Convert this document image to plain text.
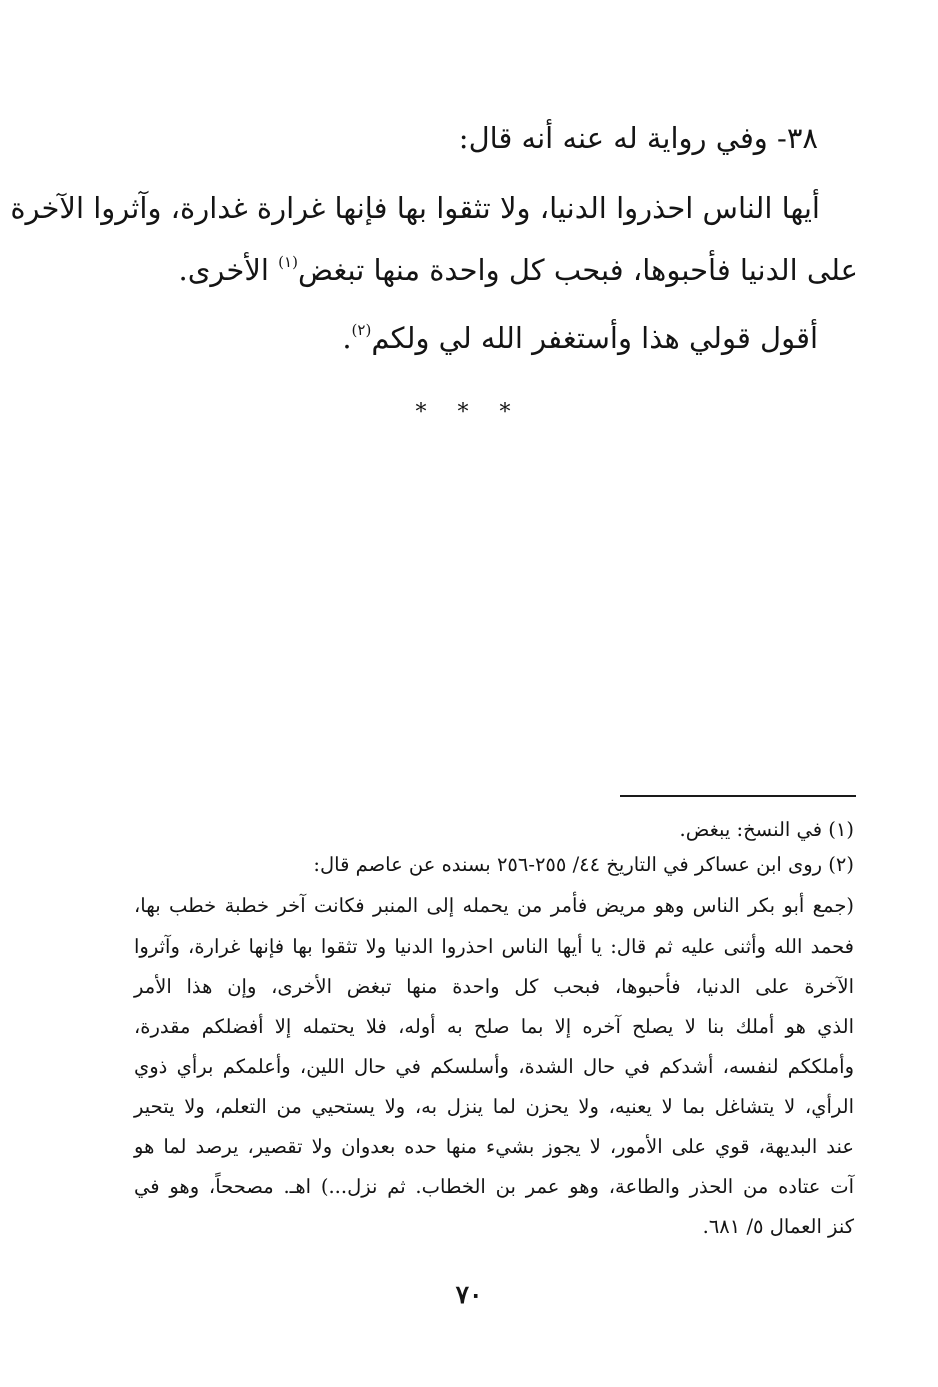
٣٨- وفي رواية له عنه أنه قال:
أيها الناس احذروا الدنيا، ولا تثقوا بها فإنها غرارة غدارة، وآثروا الآخرة
على الدنيا فأحبوها، فبحب كل واحدة منها تبغض$^{(١)}$ الأخرى.
أقول قولي هذا وأستغفر الله لي ولكم$^{(٢)}$.
* * *
(١) في النسخ: يبغض.
(٢) روى ابن عساكر في التاريخ ٤٤/ ٢٥٥-٢٥٦ بسنده عن عاصم قال:
(جمع أبو بكر الناس وهو مريض فأمر من يحمله إلى المنبر فكانت آخر خطبة خطب بها،
فحمد الله وأثنى عليه ثم قال: يا أيها الناس احذروا الدنيا ولا تثقوا بها فإنها غرارة، وآثروا
الآخرة على الدنيا، فأحبوها، فبحب كل واحدة منها تبغض الأخرى، وإن هذا الأمر
الذي هو أملك بنا لا يصلح آخره إلا بما صلح به أوله، فلا يحتمله إلا أفضلكم مقدرة،
وأملككم لنفسه، أشدكم في حال الشدة، وأسلسكم في حال اللين، وأعلمكم برأي ذوي
الرأي، لا يتشاغل بما لا يعنيه، ولا يحزن لما ينزل به، ولا يستحيي من التعلم، ولا يتحير
عند البديهة، قوي على الأمور، لا يجوز بشيء منها حده بعدوان ولا تقصير، يرصد لما هو
آت عتاده من الحذر والطاعة، وهو عمر بن الخطاب. ثم نزل...) اهـ. مصححاً، وهو في
كنز العمال ٥/ ٦٨١.
٧٠
